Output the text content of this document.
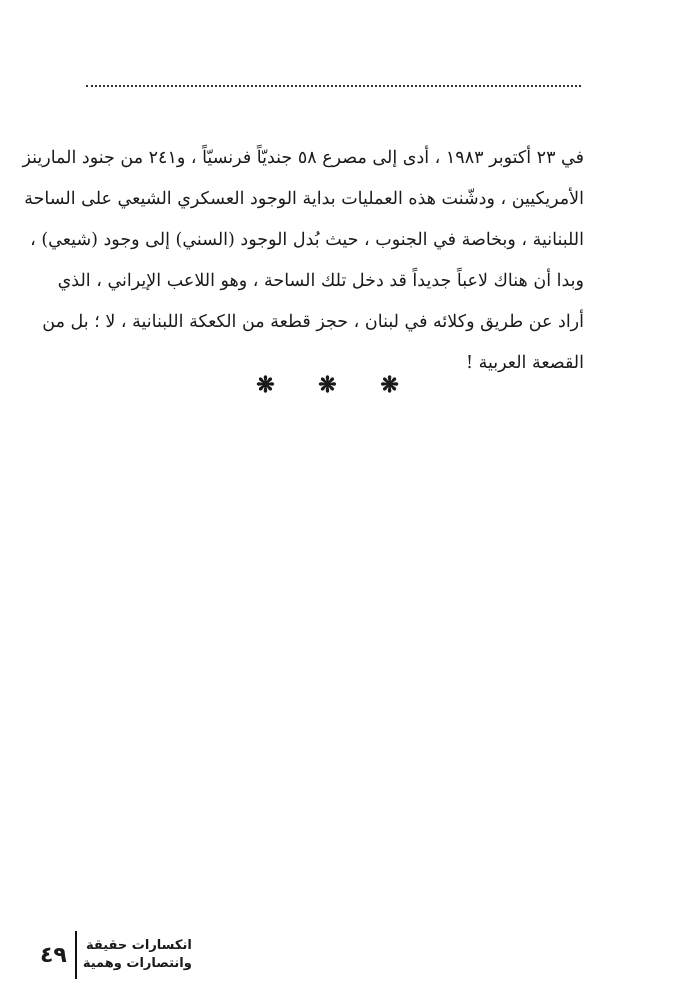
في ٢٣ أكتوبر ١٩٨٣ ، أدى إلى مصرع ٥٨ جنديّاً فرنسيّاً ، و٢٤١ من جنود المارينز
الأمريكيين ، ودشّنت هذه العمليات بداية الوجود العسكري الشيعي على الساحة
اللبنانية ، وبخاصة في الجنوب ، حيث بُدل الوجود (السني) إلى وجود (شيعي) ،
وبدا أن هناك لاعباً جديداً قد دخل تلك الساحة ، وهو اللاعب الإيراني ، الذي
أراد عن طريق وكلائه في لبنان ، حجز قطعة من الكعكة اللبنانية ، لا ؛ بل من
القصعة العربية !
❋ ❋ ❋
٤٩	انكسارات حقيقة
وانتصارات وهمية
